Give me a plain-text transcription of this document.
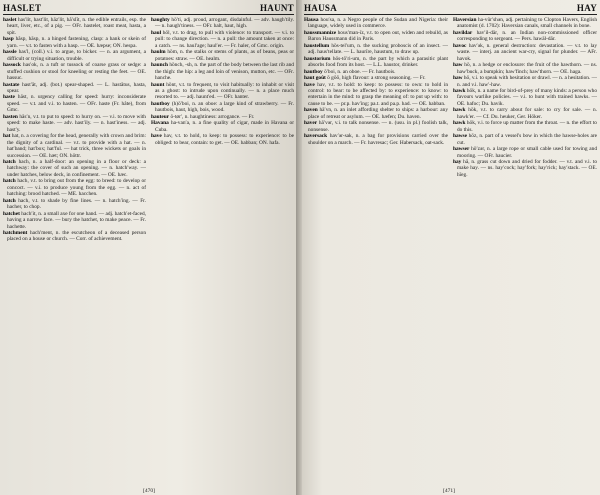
HASLET	HAUNT

haslet has′lit, hast′lit, hāz′lit, hă′slĭt, n. the edible entrails, esp. the heart, liver, etc., of a pig. — OFr. hastelet, roast meat, hasta, a spit.

hasp hăsp, hāsp, n. a hinged fastening, clasp: a hank or skein of yarn. — v.t. to fasten with a hasp. — OE. hæpse; ON. hespa.

hassle has′l, (coll.) v.i. to argue, to bicker. — n. an argument, a difficult or trying situation, trouble.

hassock has′ok, n. a tuft or tussock of coarse grass or sedge: a stuffed cushion or stool for kneeling or resting the feet. — OE. hassuc.

hastate hast′āt, adj. (bot.) spear-shaped. — L. hastātus, hasta, spear.

haste hāst, n. urgency calling for speed: hurry: inconsiderate speed. — v.t. and v.i. to hasten. — OFr. haste (Fr. hâte), from Gmc.

hasten hās′n, v.t. to put to speed: to hurry on. — v.i. to move with speed: to make haste. — adv. hast′ily. — n. hast′iness. — adj. hast′y.

hat hat, n. a covering for the head, generally with crown and brim: the dignity of a cardinal. — v.t. to provide with a hat. — n. hat′band; hat′box; hat′ful. — hat trick, three wickets or goals in succession. — OE. hæt; ON. höttr.

hatch hach, n. a half-door: an opening in a floor or deck: a hatchway: the cover of such an opening. — n. hatch′way. — under hatches, below deck, in confinement. — OE. hæc.

hatch hach, v.t. to bring out from the egg: to breed: to develop or concoct. — v.i. to produce young from the egg. — n. act of hatching: brood hatched. — ME. hacchen.

hatch hach, v.t. to shade by fine lines. — n. hatch′ing. — Fr. hacher, to chop.

hatchet hach′it, n. a small axe for one hand. — adj. hatch′et-faced, having a narrow face. — bury the hatchet, to make peace. — Fr. hachette.

hatchment hach′ment, n. the escutcheon of a deceased person placed on a house or church. — Corr. of achievement.

haughty hö′ti, adj. proud, arrogant, disdainful. — adv. haugh′tily. — n. haugh′tiness. — OFr. halt, haut, high.

haul höl, v.t. to drag, to pull with violence: to transport. — v.i. to pull: to change direction. — n. a pull: the amount taken at once: a catch. — ns. haul′age; haul′er. — Fr. haler, of Gmc. origin.

haulm höm, n. the stalks or stems of plants, as of beans, peas or potatoes: straw. — OE. healm.

haunch hönch, -sh, n. the part of the body between the last rib and the thigh: the hip: a leg and loin of venison, mutton, etc. — OFr. hanche.

haunt hönt, v.t. to frequent, to visit habitually: to inhabit or visit as a ghost: to intrude upon continually. — n. a place much resorted to. — adj. haunt′ed. — OFr. hanter.

hautboy (h)ō′boi, n. an oboe: a large kind of strawberry. — Fr. hautbois, haut, high, bois, wood.

hauteur ō-tør′, n. haughtiness: arrogance. — Fr.

Havana ha-van′a, n. a fine quality of cigar, made in Havana or Cuba.

have hav, v.t. to hold, to keep: to possess: to experience: to be obliged: to bear, contain: to get. — OE. habban; ON. hafa.

[470]
HAUSA	HAY

Hausa hou′sa, n. a Negro people of the Sudan and Nigeria: their language, widely used in commerce.

haussmannize hous′man-īz, v.t. to open out, widen and rebuild, as Baron Haussmann did in Paris.

haustellum hös-tel′um, n. the sucking proboscis of an insect. — adj. haus′tellate. — L. haurīre, haustum, to draw up.

haustorium hös-tō′ri-um, n. the part by which a parasitic plant absorbs food from its host. — L.L. haustor, drinker.

hautboy ō′boi, n. an oboe. — Fr. hautbois.

haut goût ō gōō, high flavour: a strong seasoning. — Fr.

have hav, v.t. to hold: to keep: to possess: to own: to hold in control: to bear: to be affected by: to experience: to know: to entertain in the mind: to grasp the meaning of: to put up with: to cause to be. — pr.p. hav′ing; pa.t. and pa.p. had. — OE. habban.

haven hā′vn, n. an inlet affording shelter to ships: a harbour: any place of retreat or asylum. — OE. hæfen; Du. haven.

haver hā′vər, v.i. to talk nonsense. — n. (usu. in pl.) foolish talk, nonsense.

haversack hav′ər-sak, n. a bag for provisions carried over the shoulder on a march. — Fr. havresac; Ger. Habersack, oat-sack.

Haversian ha-vûr′shən, adj. pertaining to Clopton Havers, English anatomist (d. 1702): Haversian canals, small channels in bone.

havildar hav′il-där, n. an Indian non-commissioned officer corresponding to sergeant. — Pers. hawāl-dār.

havoc hav′ək, n. general destruction: devastation. — v.t. to lay waste. — interj. an ancient war-cry, signal for plunder. — AFr. havok.

haw hö, n. a hedge or enclosure: the fruit of the hawthorn. — ns. haw′buck, a bumpkin; haw′finch; haw′thorn. — OE. haga.

haw hö, v.i. to speak with hesitation or drawl. — n. a hesitation. — n. and v.i. haw′-haw.

hawk hök, n. a name for bird-of-prey of many kinds: a person who favours warlike policies. — v.i. to hunt with trained hawks. — OE. hafoc; Du. havik.

hawk hök, v.t. to carry about for sale: to cry for sale. — n. hawk′er. — Cf. Du. heuker, Ger. Höker.

hawk hök, v.i. to force up matter from the throat. — n. the effort to do this.

hawse höz, n. part of a vessel's bow in which the hawse-holes are cut.

hawser hö′zər, n. a large rope or small cable used for towing and mooring. — OFr. haucier.

hay hā, n. grass cut down and dried for fodder. — v.t. and v.i. to make hay. — ns. hay′cock; hay′fork; hay′rick; hay′stack. — OE. hīeg.

[471]
